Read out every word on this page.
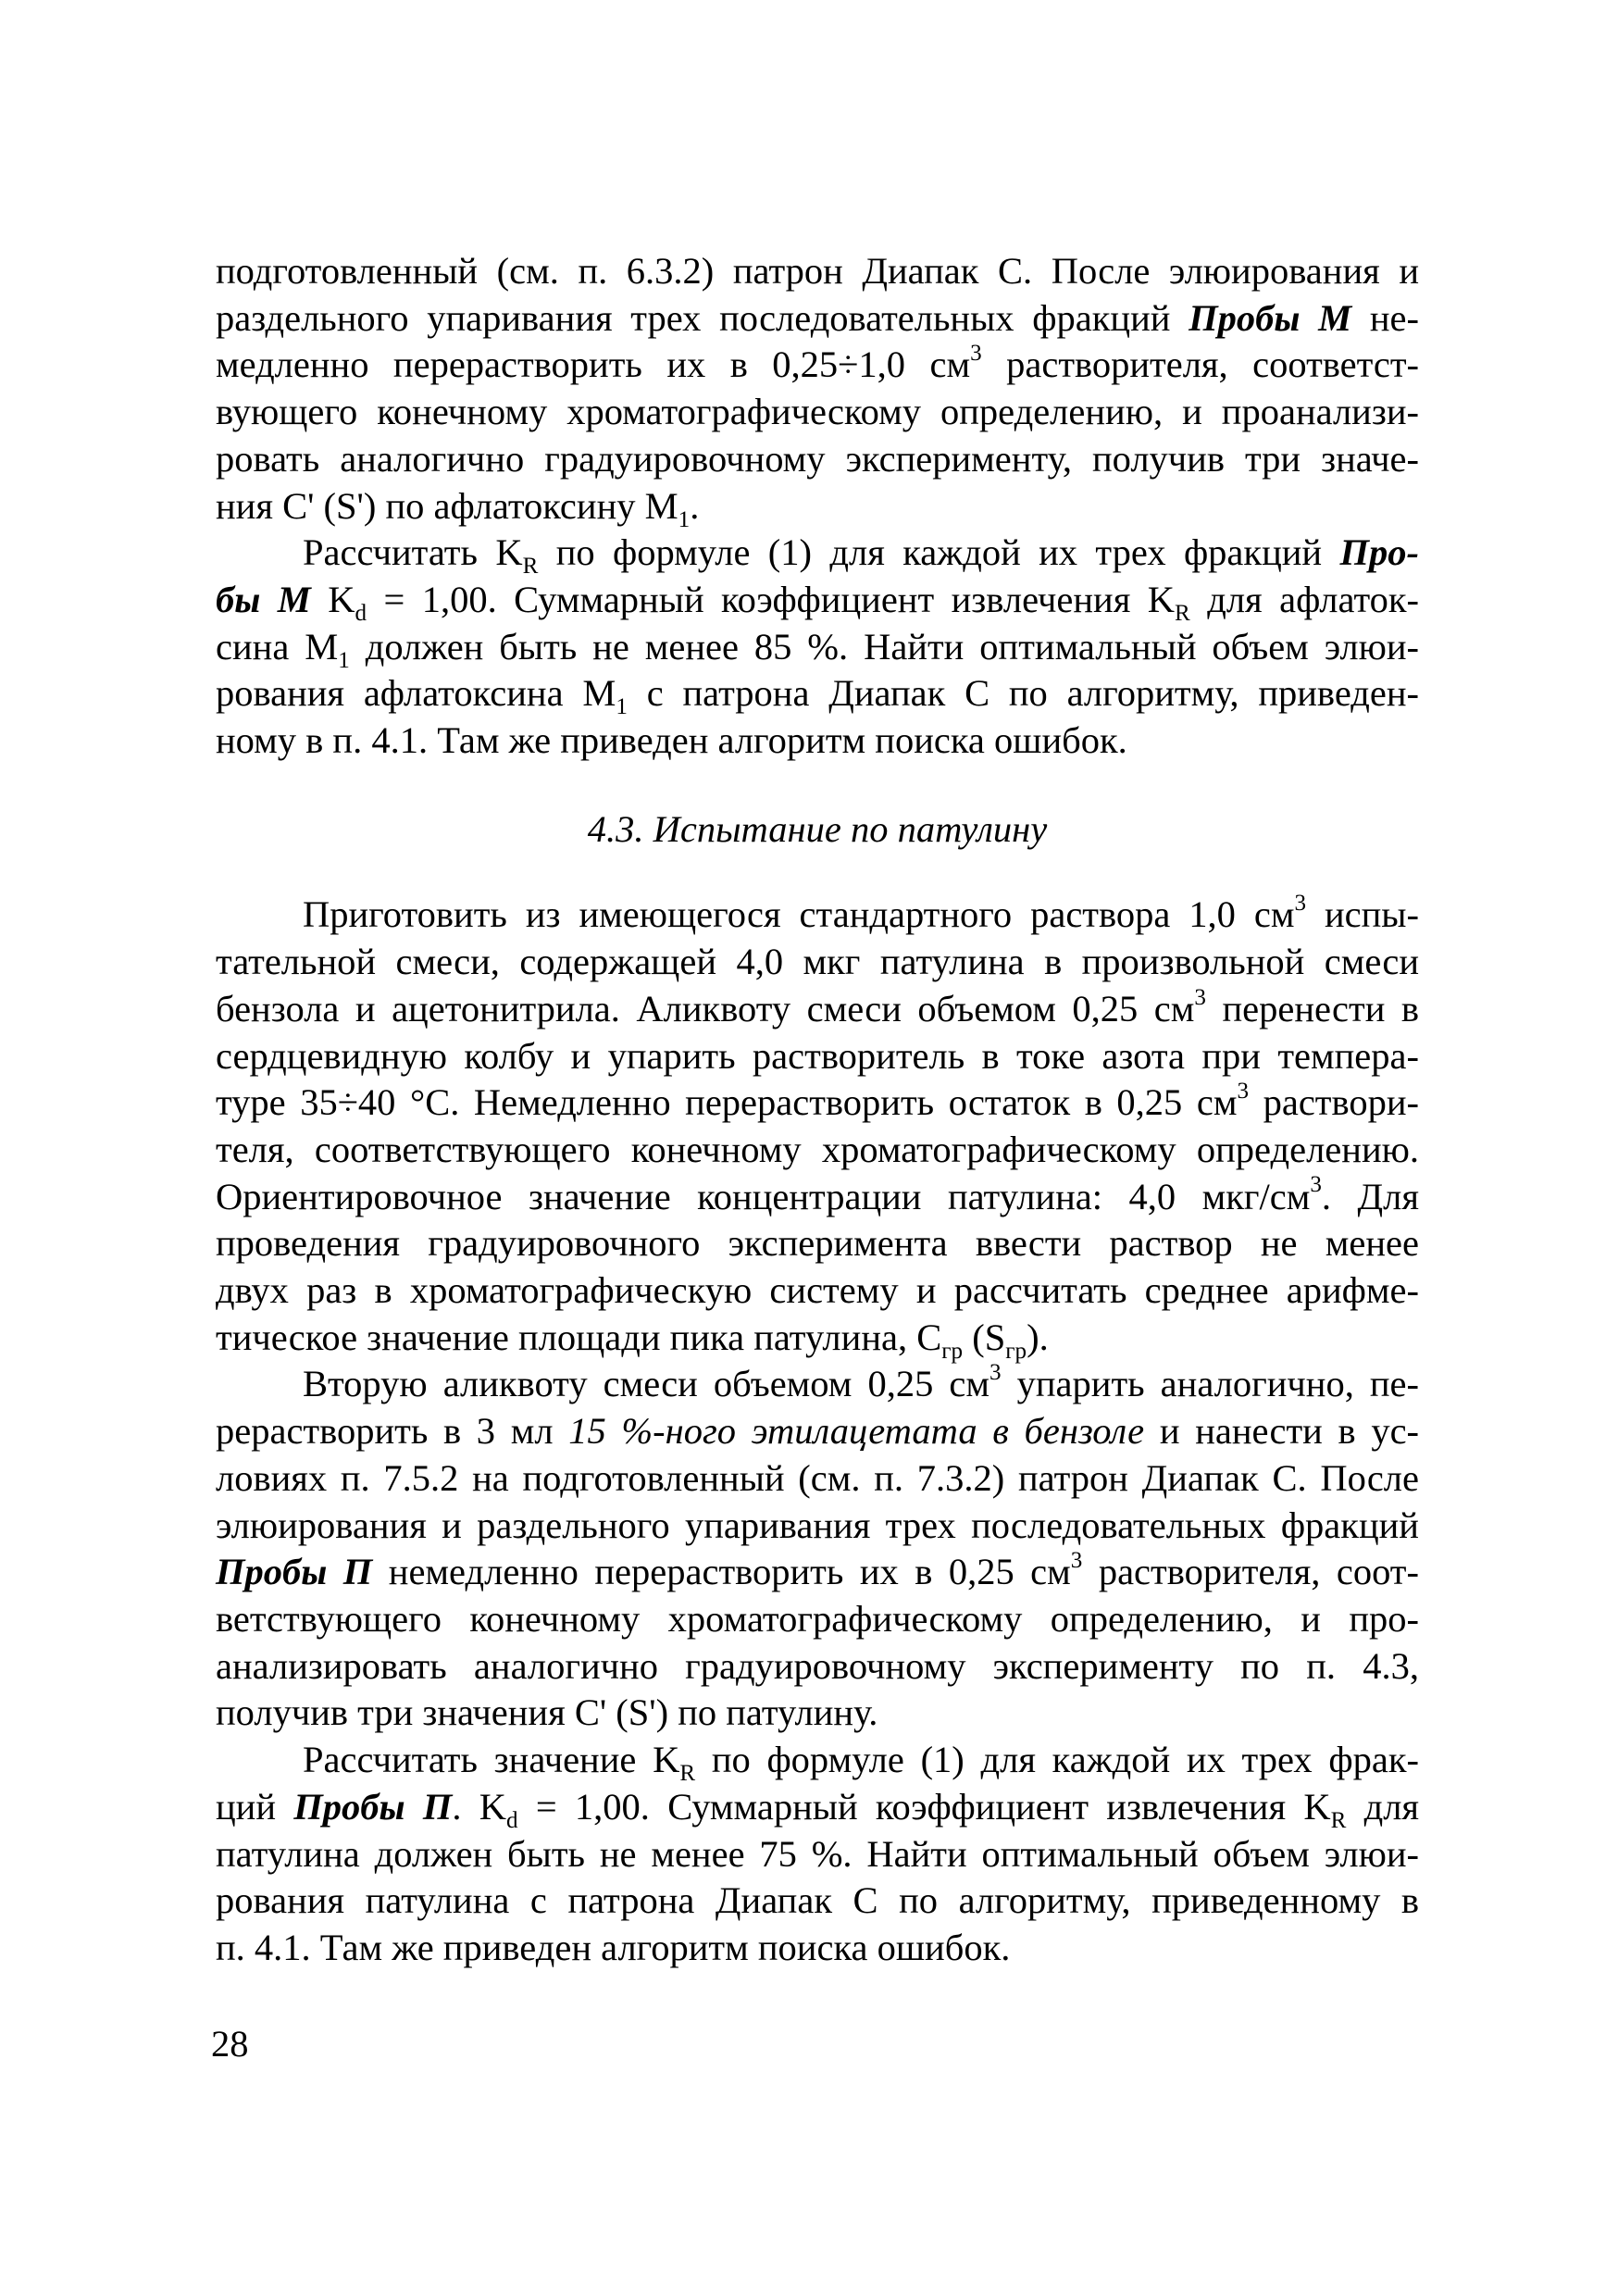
подготовленный (см. п. 6.3.2) патрон Диапак С. После элюирования и
раздельного упаривания трех последовательных фракций Пробы М не-
медленно перерастворить их в 0,25÷1,0 $см^3$ растворителя, соответст-
вующего конечному хроматографическому определению, и проанализи-
ровать аналогично градуировочному эксперименту, получив три значе-
ния C' (S') по афлатоксину $M_1$.
Рассчитать $K_R$ по формуле (1) для каждой их трех фракций Про-
бы М $K_d = 1,00$. Суммарный коэффициент извлечения $K_R$ для афлаток-
сина $M_1$ должен быть не менее 85 %. Найти оптимальный объем элюи-
рования афлатоксина $M_1$ с патрона Диапак С по алгоритму, приведен-
ному в п. 4.1. Там же приведен алгоритм поиска ошибок.
4.3. Испытание по патулину
Приготовить из имеющегося стандартного раствора 1,0 $см^3$ испы-
тательной смеси, содержащей 4,0 мкг патулина в произвольной смеси
бензола и ацетонитрила. Аликвоту смеси объемом 0,25 $см^3$ перенести в
сердцевидную колбу и упарить растворитель в токе азота при темпера-
туре 35÷40 °С. Немедленно перерастворить остаток в 0,25 $см^3$ раствори-
теля, соответствующего конечному хроматографическому определению.
Ориентировочное значение концентрации патулина: 4,0 мкг/$см^3$. Для
проведения градуировочного эксперимента ввести раствор не менее
двух раз в хроматографическую систему и рассчитать среднее арифме-
тическое значение площади пика патулина, $C_{гр}$ $(S_{гр})$.
Вторую аликвоту смеси объемом 0,25 $см^3$ упарить аналогично, пе-
рерастворить в 3 мл 15 %-ного этилацетата в бензоле и нанести в ус-
ловиях п. 7.5.2 на подготовленный (см. п. 7.3.2) патрон Диапак С. После
элюирования и раздельного упаривания трех последовательных фракций
Пробы П немедленно перерастворить их в 0,25 $см^3$ растворителя, соот-
ветствующего конечному хроматографическому определению, и про-
анализировать аналогично градуировочному эксперименту по п. 4.3,
получив три значения C' (S') по патулину.
Рассчитать значение $K_R$ по формуле (1) для каждой их трех фрак-
ций Пробы П. $K_d = 1,00$. Суммарный коэффициент извлечения $K_R$ для
патулина должен быть не менее 75 %. Найти оптимальный объем элюи-
рования патулина с патрона Диапак С по алгоритму, приведенному в
п. 4.1. Там же приведен алгоритм поиска ошибок.
28
